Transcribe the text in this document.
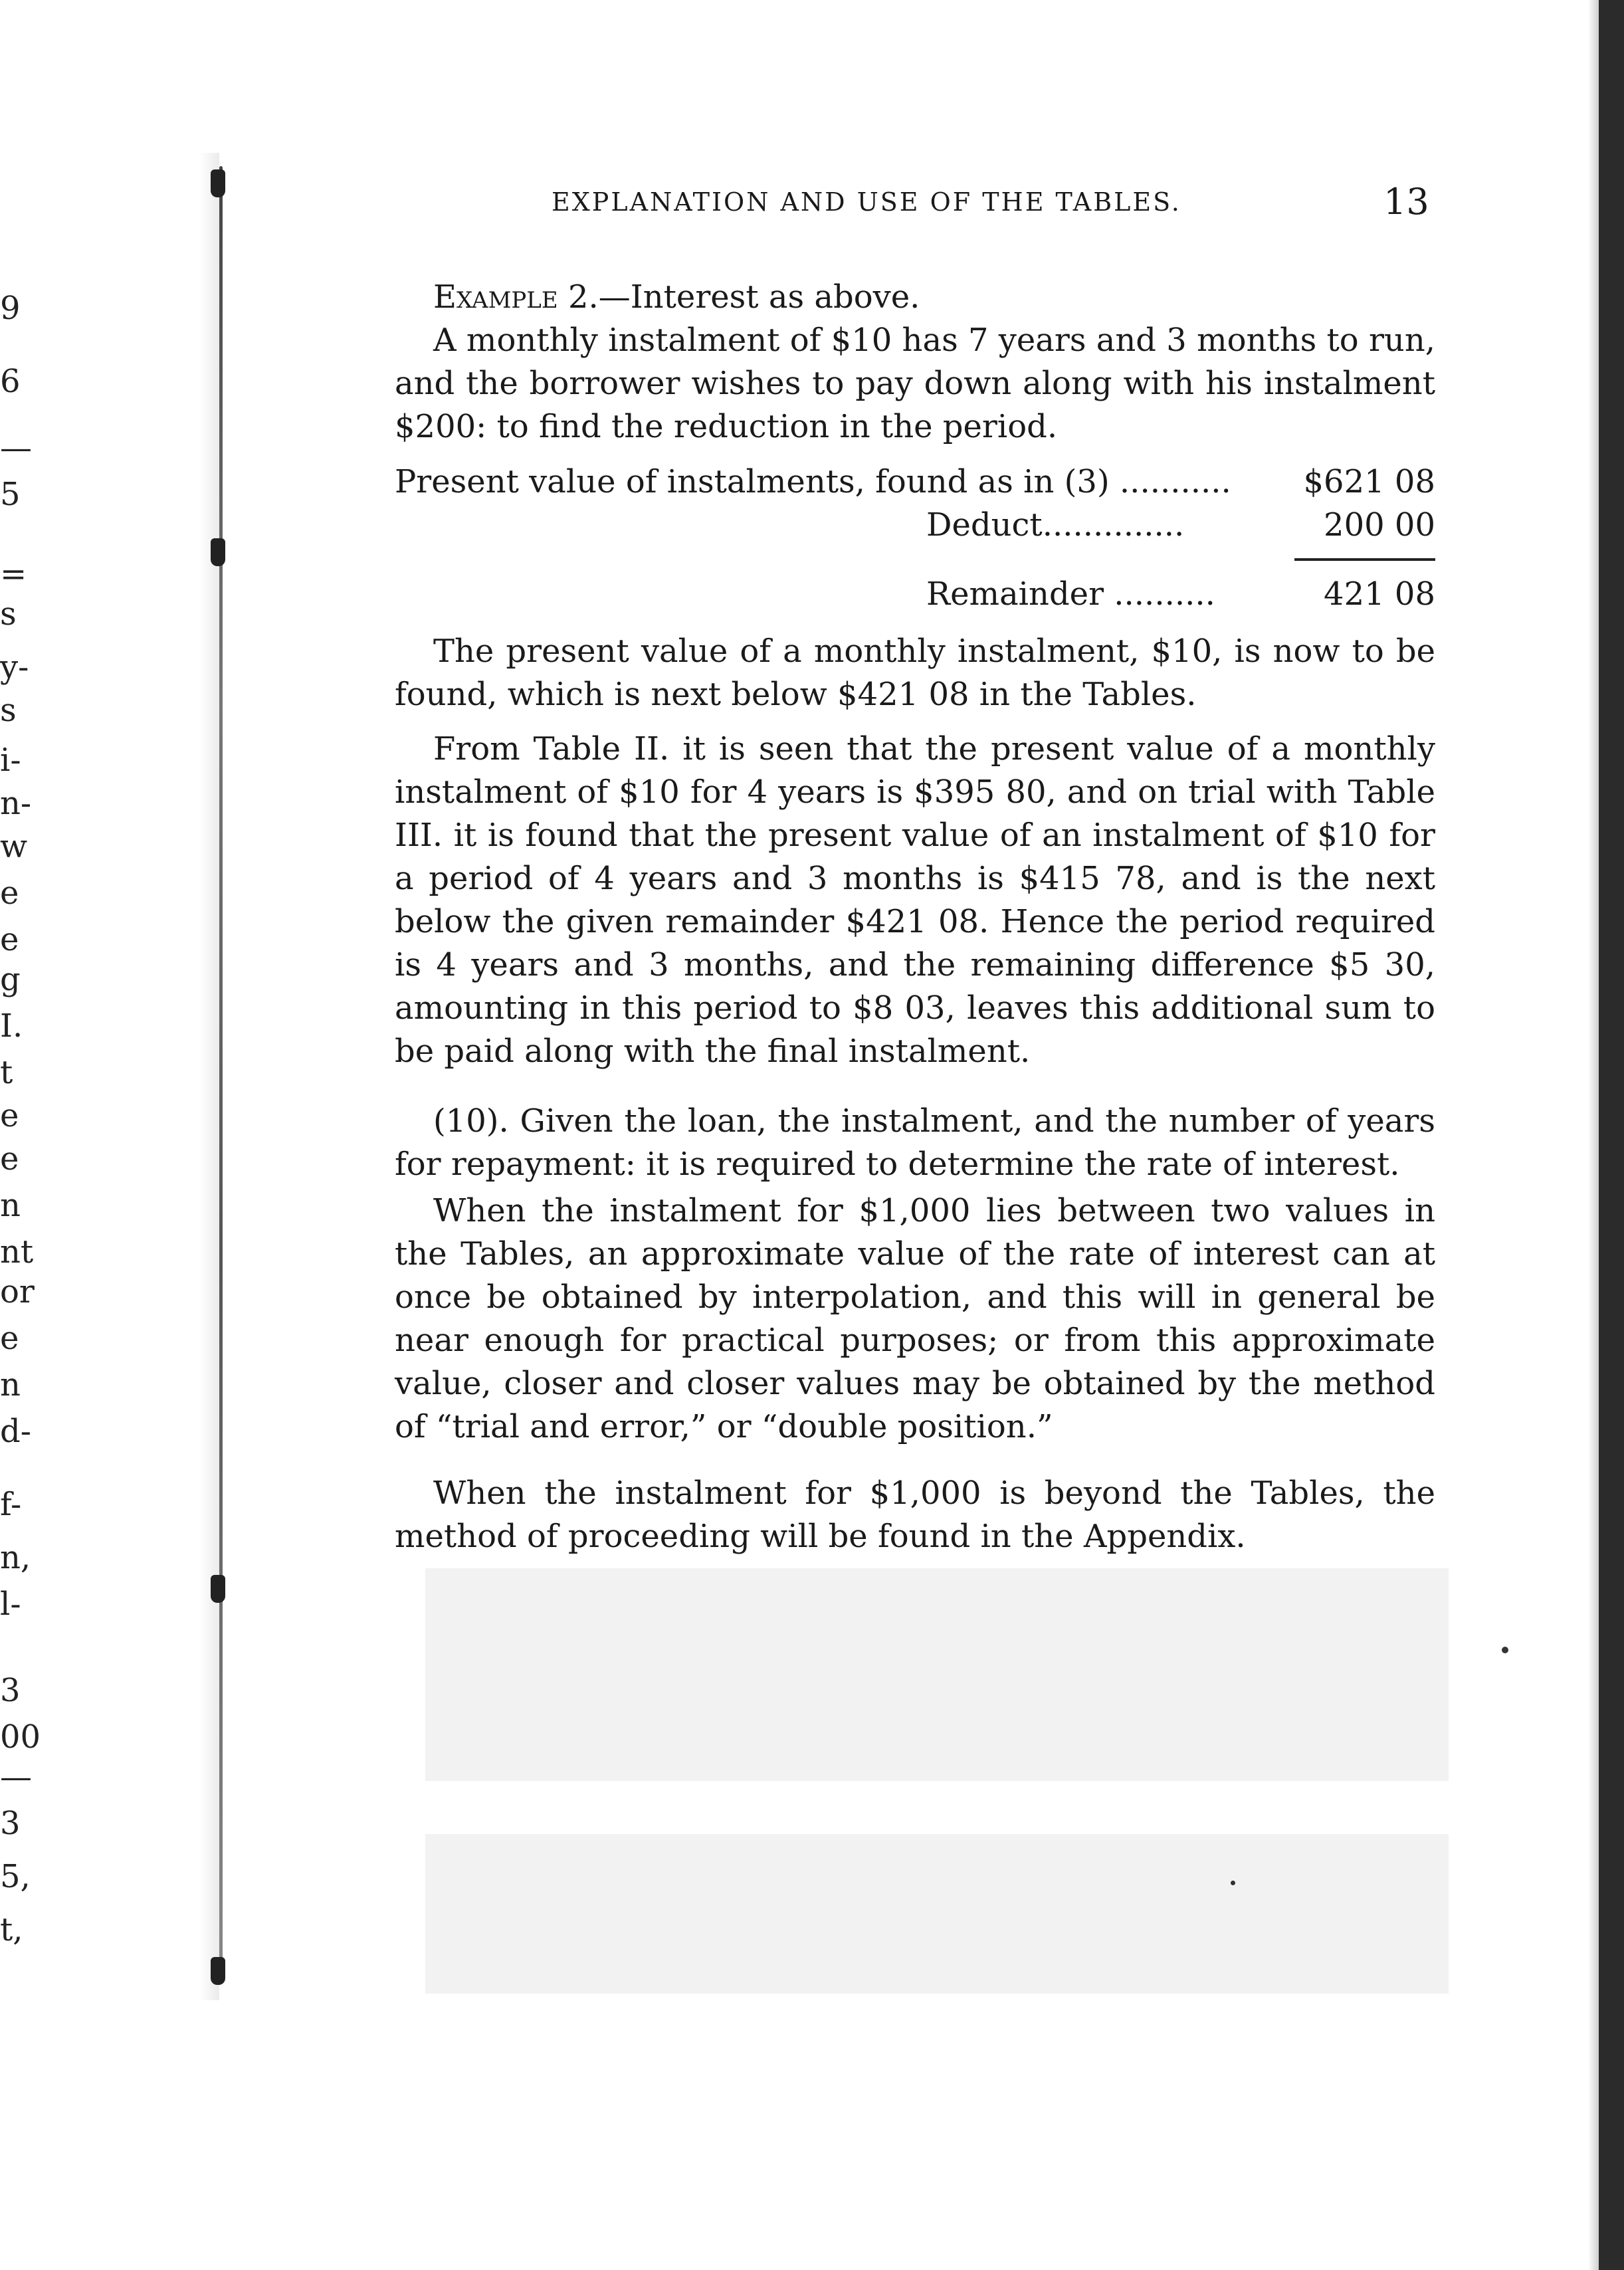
9
6
—
5
=
s
y-
s
i-
n-
w
e
e
g
I.
t
e
e
n
nt
or
e
n
d-
f-
n,
l-
3
00
—
3
5,
t,
EXPLANATION AND USE OF THE TABLES.	13
Example 2.—Interest as above.
A monthly instalment of $10 has 7 years and 3 months to run, and the borrower wishes to pay down along with his instalment $200: to find the reduction in the period.
Present value of instalments, found as in (3) ........... $621 08
Deduct..............	200 00
Remainder ..........	421 08
The present value of a monthly instalment, $10, is now to be found, which is next below $421 08 in the Tables.
From Table II. it is seen that the present value of a monthly instalment of $10 for 4 years is $395 80, and on trial with Table III. it is found that the present value of an instalment of $10 for a period of 4 years and 3 months is $415 78, and is the next below the given remainder $421 08. Hence the period required is 4 years and 3 months, and the remaining difference $5 30, amounting in this period to $8 03, leaves this additional sum to be paid along with the final instalment.
(10). Given the loan, the instalment, and the number of years for repayment: it is required to determine the rate of interest.
When the instalment for $1,000 lies between two values in the Tables, an approximate value of the rate of interest can at once be obtained by interpolation, and this will in general be near enough for practical purposes; or from this approximate value, closer and closer values may be obtained by the method of “trial and error,” or “double position.”
When the instalment for $1,000 is beyond the Tables, the method of proceeding will be found in the Appendix.
